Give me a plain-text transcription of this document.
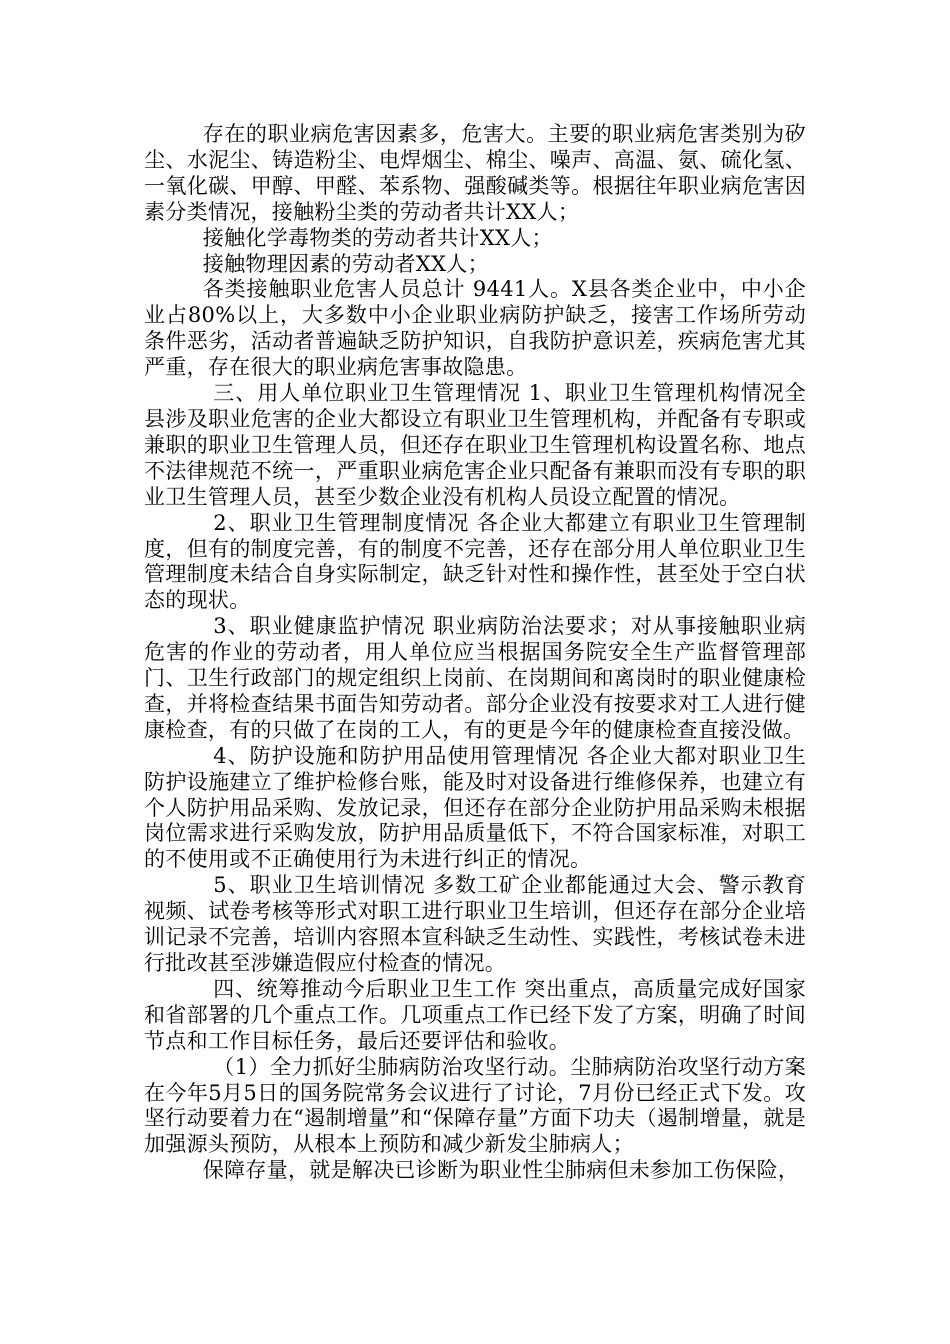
存在的职业病危害因素多，危害大。主要的职业病危害类别为矽尘、水泥尘、铸造粉尘、电焊烟尘、棉尘、噪声、高温、氨、硫化氢、一氧化碳、甲醇、甲醛、苯系物、强酸碱类等。根据往年职业病危害因素分类情况，接触粉尘类的劳动者共计XX人；

接触化学毒物类的劳动者共计XX人；

接触物理因素的劳动者XX人；

各类接触职业危害人员总计 9441人。X县各类企业中，中小企业占80%以上，大多数中小企业职业病防护缺乏，接害工作场所劳动条件恶劣，活动者普遍缺乏防护知识，自我防护意识差，疾病危害尤其严重，存在很大的职业病危害事故隐患。

三、用人单位职业卫生管理情况 1、职业卫生管理机构情况全县涉及职业危害的企业大都设立有职业卫生管理机构，并配备有专职或兼职的职业卫生管理人员，但还存在职业卫生管理机构设置名称、地点不法律规范不统一，严重职业病危害企业只配备有兼职而没有专职的职业卫生管理人员，甚至少数企业没有机构人员设立配置的情况。

2、职业卫生管理制度情况 各企业大都建立有职业卫生管理制度，但有的制度完善，有的制度不完善，还存在部分用人单位职业卫生管理制度未结合自身实际制定，缺乏针对性和操作性，甚至处于空白状态的现状。

3、职业健康监护情况 职业病防治法要求；对从事接触职业病危害的作业的劳动者，用人单位应当根据国务院安全生产监督管理部门、卫生行政部门的规定组织上岗前、在岗期间和离岗时的职业健康检查，并将检查结果书面告知劳动者。部分企业没有按要求对工人进行健康检查，有的只做了在岗的工人，有的更是今年的健康检查直接没做。

4、防护设施和防护用品使用管理情况 各企业大都对职业卫生防护设施建立了维护检修台账，能及时对设备进行维修保养，也建立有个人防护用品采购、发放记录，但还存在部分企业防护用品采购未根据岗位需求进行采购发放，防护用品质量低下，不符合国家标准，对职工的不使用或不正确使用行为未进行纠正的情况。

5、职业卫生培训情况 多数工矿企业都能通过大会、警示教育视频、试卷考核等形式对职工进行职业卫生培训，但还存在部分企业培训记录不完善，培训内容照本宣科缺乏生动性、实践性，考核试卷未进行批改甚至涉嫌造假应付检查的情况。

四、统筹推动今后职业卫生工作 突出重点，高质量完成好国家和省部署的几个重点工作。几项重点工作已经下发了方案，明确了时间节点和工作目标任务，最后还要评估和验收。

（1）全力抓好尘肺病防治攻坚行动。尘肺病防治攻坚行动方案在今年5月5日的国务院常务会议进行了讨论，7月份已经正式下发。攻坚行动要着力在“遏制增量”和“保障存量”方面下功夫（遏制增量，就是加强源头预防，从根本上预防和减少新发尘肺病人；

保障存量，就是解决已诊断为职业性尘肺病但未参加工伤保险，
